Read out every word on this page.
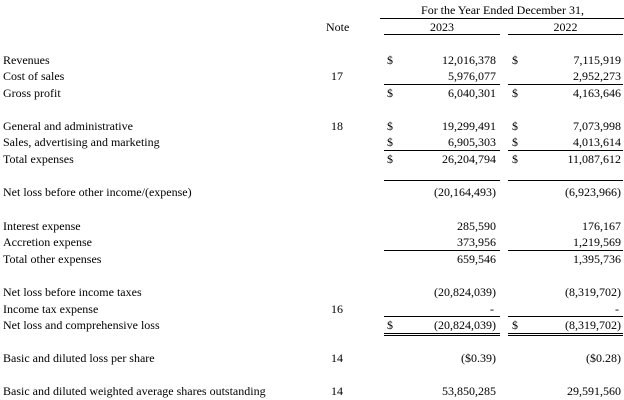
For the Year Ended December 31,
Note	2023	2022
Revenues	$	12,016,378 $	7,115,919
Cost of sales	17	5,976,077	2,952,273
Gross profit	$	6,040,301 $	4,163,646
General and administrative	18	$	19,299,491 $	7,073,998
Sales, advertising and marketing	$	6,905,303 $	4,013,614
Total expenses	$	26,204,794 $	11,087,612
Net loss before other income/(expense)	(20,164,493)	(6,923,966)
Interest expense	285,590	176,167
Accretion expense	373,956	1,219,569
Total other expenses	659,546	1,395,736
Net loss before income taxes	(20,824,039)	(8,319,702)
Income tax expense	16	-	-
Net loss and comprehensive loss	$	(20,824,039) $	(8,319,702)
Basic and diluted loss per share	14	($0.39)	($0.28)
Basic and diluted weighted average shares outstanding	14	53,850,285	29,591,560
